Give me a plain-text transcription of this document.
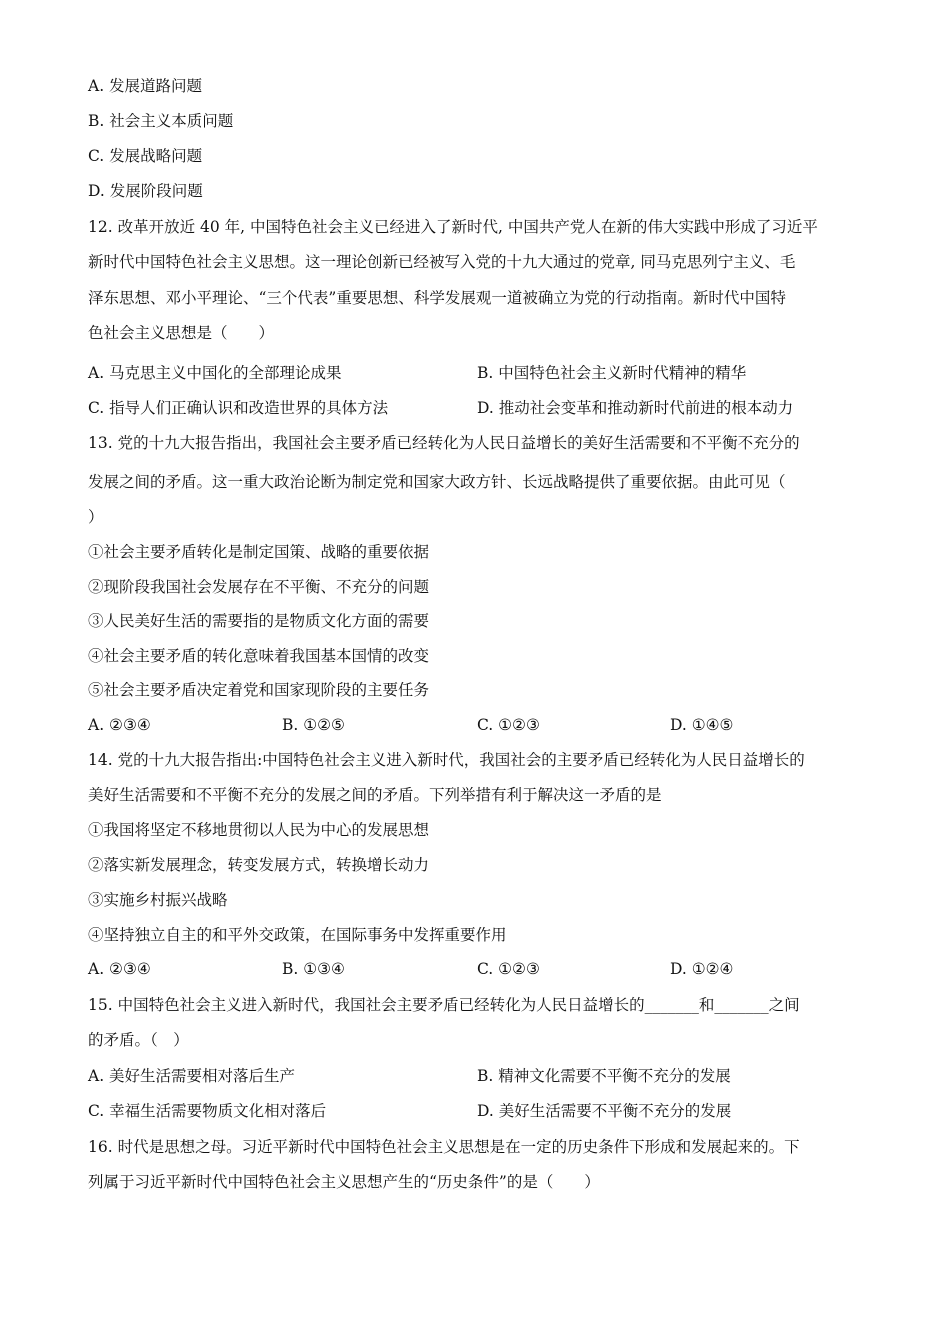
A. 发展道路问题
B. 社会主义本质问题
C. 发展战略问题
D. 发展阶段问题
12. 改革开放近 40 年, 中国特色社会主义已经进入了新时代, 中国共产党人在新的伟大实践中形成了习近平
新时代中国特色社会主义思想。这一理论创新已经被写入党的十九大通过的党章, 同马克思列宁主义、毛
泽东思想、邓小平理论、“三个代表”重要思想、科学发展观一道被确立为党的行动指南。新时代中国特
色社会主义思想是（　　）
A. 马克思主义中国化的全部理论成果	B. 中国特色社会主义新时代精神的精华
C. 指导人们正确认识和改造世界的具体方法	D. 推动社会变革和推动新时代前进的根本动力
13. 党的十九大报告指出，我国社会主要矛盾已经转化为人民日益增长的美好生活需要和不平衡不充分的
发展之间的矛盾。这一重大政治论断为制定党和国家大政方针、长远战略提供了重要依据。由此可见（
）
①社会主要矛盾转化是制定国策、战略的重要依据
②现阶段我国社会发展存在不平衡、不充分的问题
③人民美好生活的需要指的是物质文化方面的需要
④社会主要矛盾的转化意味着我国基本国情的改变
⑤社会主要矛盾决定着党和国家现阶段的主要任务
A. ②③④	B. ①②⑤	C. ①②③	D. ①④⑤
14. 党的十九大报告指出:中国特色社会主义进入新时代，我国社会的主要矛盾已经转化为人民日益增长的
美好生活需要和不平衡不充分的发展之间的矛盾。下列举措有利于解决这一矛盾的是
①我国将坚定不移地贯彻以人民为中心的发展思想
②落实新发展理念，转变发展方式，转换增长动力
③实施乡村振兴战略
④坚持独立自主的和平外交政策，在国际事务中发挥重要作用
A. ②③④	B. ①③④	C. ①②③	D. ①②④
15. 中国特色社会主义进入新时代，我国社会主要矛盾已经转化为人民日益增长的_______和_______之间
的矛盾。（　）
A. 美好生活需要相对落后生产	B. 精神文化需要不平衡不充分的发展
C. 幸福生活需要物质文化相对落后	D. 美好生活需要不平衡不充分的发展
16. 时代是思想之母。习近平新时代中国特色社会主义思想是在一定的历史条件下形成和发展起来的。下
列属于习近平新时代中国特色社会主义思想产生的“历史条件”的是（　　）
